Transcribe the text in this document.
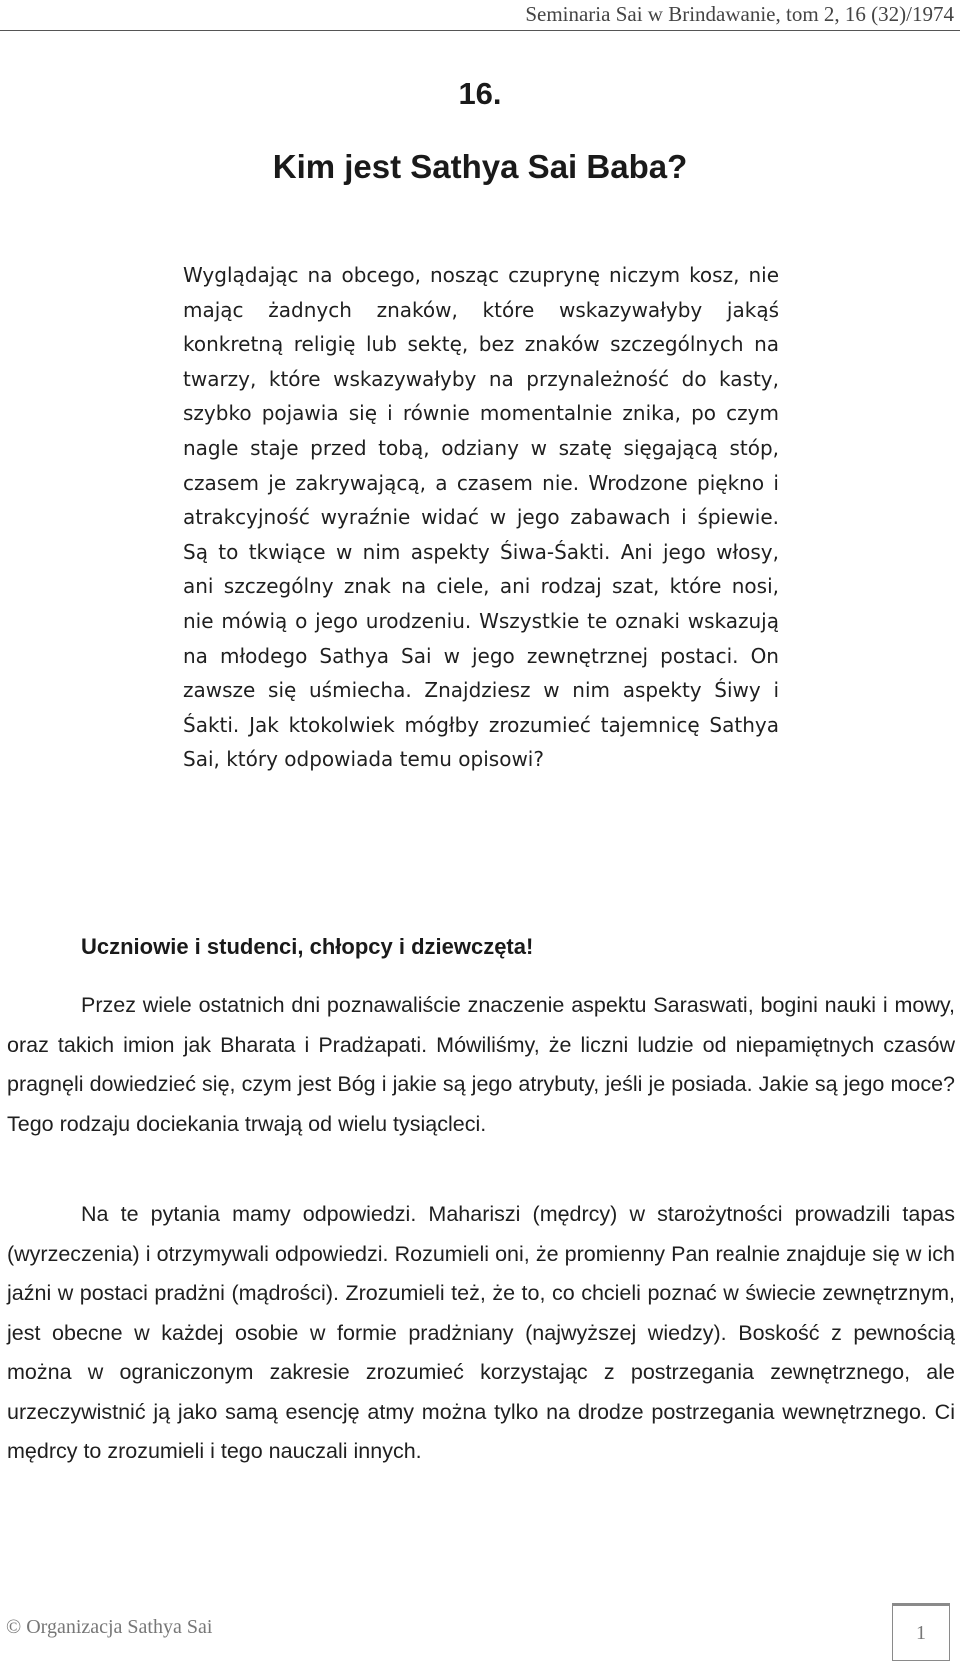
Seminaria Sai w Brindawanie, tom 2, 16 (32)/1974
16.
Kim jest Sathya Sai Baba?
Wyglądając na obcego, nosząc czuprynę niczym kosz, nie mając żadnych znaków, które wskazywałyby jakąś konkretną religię lub sektę, bez znaków szczególnych na twarzy, które wskazywałyby na przynależność do kasty, szybko pojawia się i równie momentalnie znika, po czym nagle staje przed tobą, odziany w szatę sięgającą stóp, czasem je zakrywającą, a czasem nie. Wrodzone piękno i atrakcyjność wyraźnie widać w jego zabawach i śpiewie. Są to tkwiące w nim aspekty Śiwa-Śakti. Ani jego włosy, ani szczególny znak na ciele, ani rodzaj szat, które nosi, nie mówią o jego urodzeniu. Wszystkie te oznaki wskazują na młodego Sathya Sai w jego zewnętrznej postaci. On zawsze się uśmiecha. Znajdziesz w nim aspekty Śiwy i Śakti. Jak ktokolwiek mógłby zrozumieć tajemnicę Sathya Sai, który odpowiada temu opisowi?
Uczniowie i studenci, chłopcy i dziewczęta!
Przez wiele ostatnich dni poznawaliście znaczenie aspektu Saraswati, bogini nauki i mowy, oraz takich imion jak Bharata i Pradżapati. Mówiliśmy, że liczni ludzie od niepamiętnych czasów pragnęli dowiedzieć się, czym jest Bóg i jakie są jego atrybuty, jeśli je posiada. Jakie są jego moce? Tego rodzaju dociekania trwają od wielu tysiącleci.
Na te pytania mamy odpowiedzi. Mahariszi (mędrcy) w starożytności prowadzili tapas (wyrzeczenia) i otrzymywali odpowiedzi. Rozumieli oni, że promienny Pan realnie znajduje się w ich jaźni w postaci pradżni (mądrości). Zrozumieli też, że to, co chcieli poznać w świecie zewnętrznym, jest obecne w każdej osobie w formie pradżniany (najwyższej wiedzy). Boskość z pewnością można w ograniczonym zakresie zrozumieć korzystając z postrzegania zewnętrznego, ale urzeczywistnić ją jako samą esencję atmy można tylko na drodze postrzegania wewnętrznego. Ci mędrcy to zrozumieli i tego nauczali innych.
© Organizacja Sathya Sai	1
